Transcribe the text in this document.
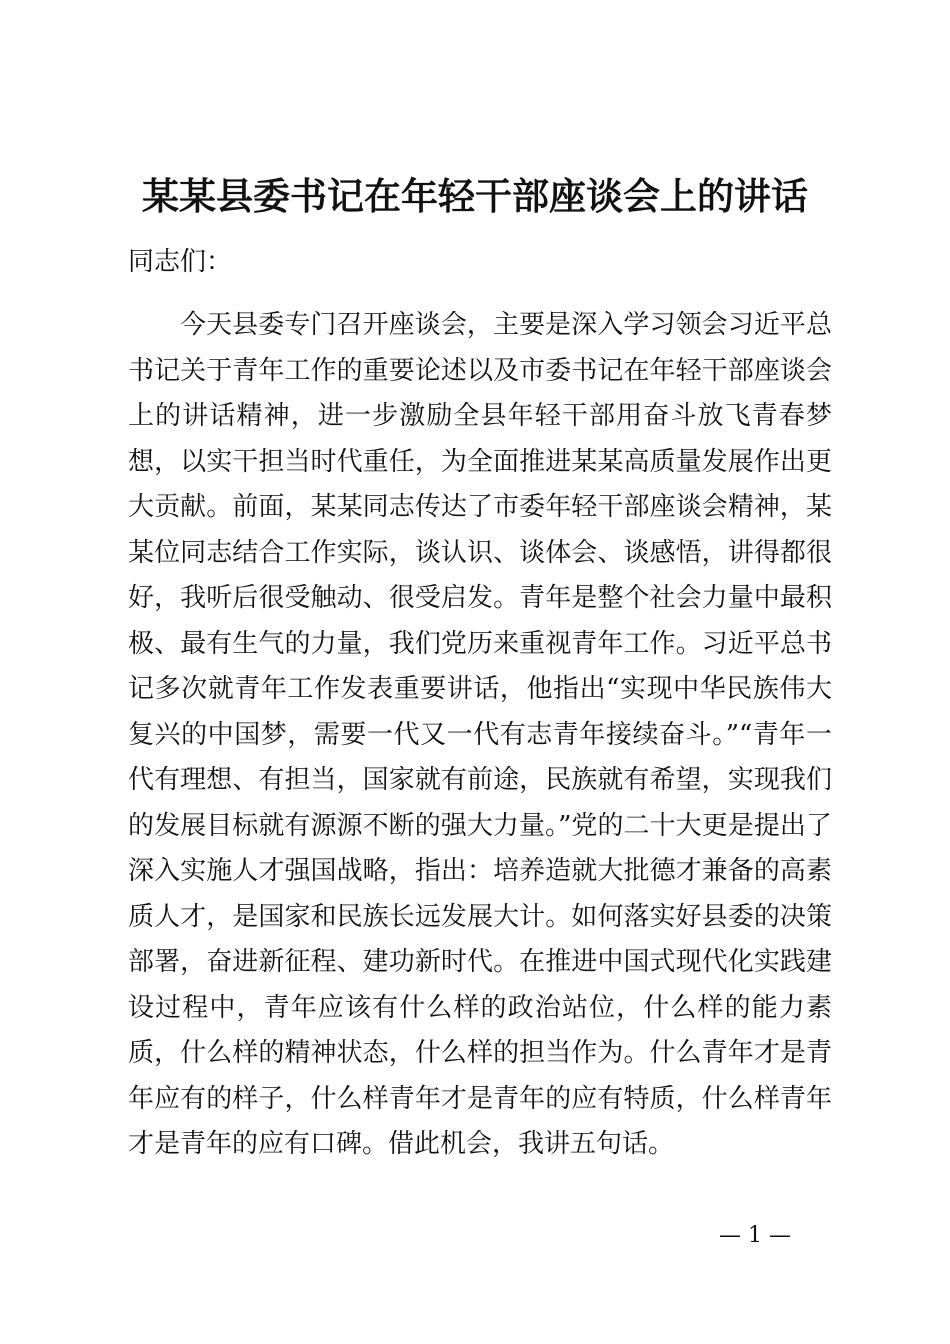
某某县委书记在年轻干部座谈会上的讲话

同志们：

今天县委专门召开座谈会，主要是深入学习领会习近平总书记关于青年工作的重要论述以及市委书记在年轻干部座谈会上的讲话精神，进一步激励全县年轻干部用奋斗放飞青春梦想，以实干担当时代重任，为全面推进某某高质量发展作出更大贡献。前面，某某同志传达了市委年轻干部座谈会精神，某某位同志结合工作实际，谈认识、谈体会、谈感悟，讲得都很好，我听后很受触动、很受启发。青年是整个社会力量中最积极、最有生气的力量，我们党历来重视青年工作。习近平总书记多次就青年工作发表重要讲话，他指出“实现中华民族伟大复兴的中国梦，需要一代又一代有志青年接续奋斗。”“青年一代有理想、有担当，国家就有前途，民族就有希望，实现我们的发展目标就有源源不断的强大力量。”党的二十大更是提出了深入实施人才强国战略，指出：培养造就大批德才兼备的高素质人才，是国家和民族长远发展大计。如何落实好县委的决策部署，奋进新征程、建功新时代。在推进中国式现代化实践建设过程中，青年应该有什么样的政治站位，什么样的能力素质，什么样的精神状态，什么样的担当作为。什么青年才是青年应有的样子，什么样青年才是青年的应有特质，什么样青年才是青年的应有口碑。借此机会，我讲五句话。

— 1 —
